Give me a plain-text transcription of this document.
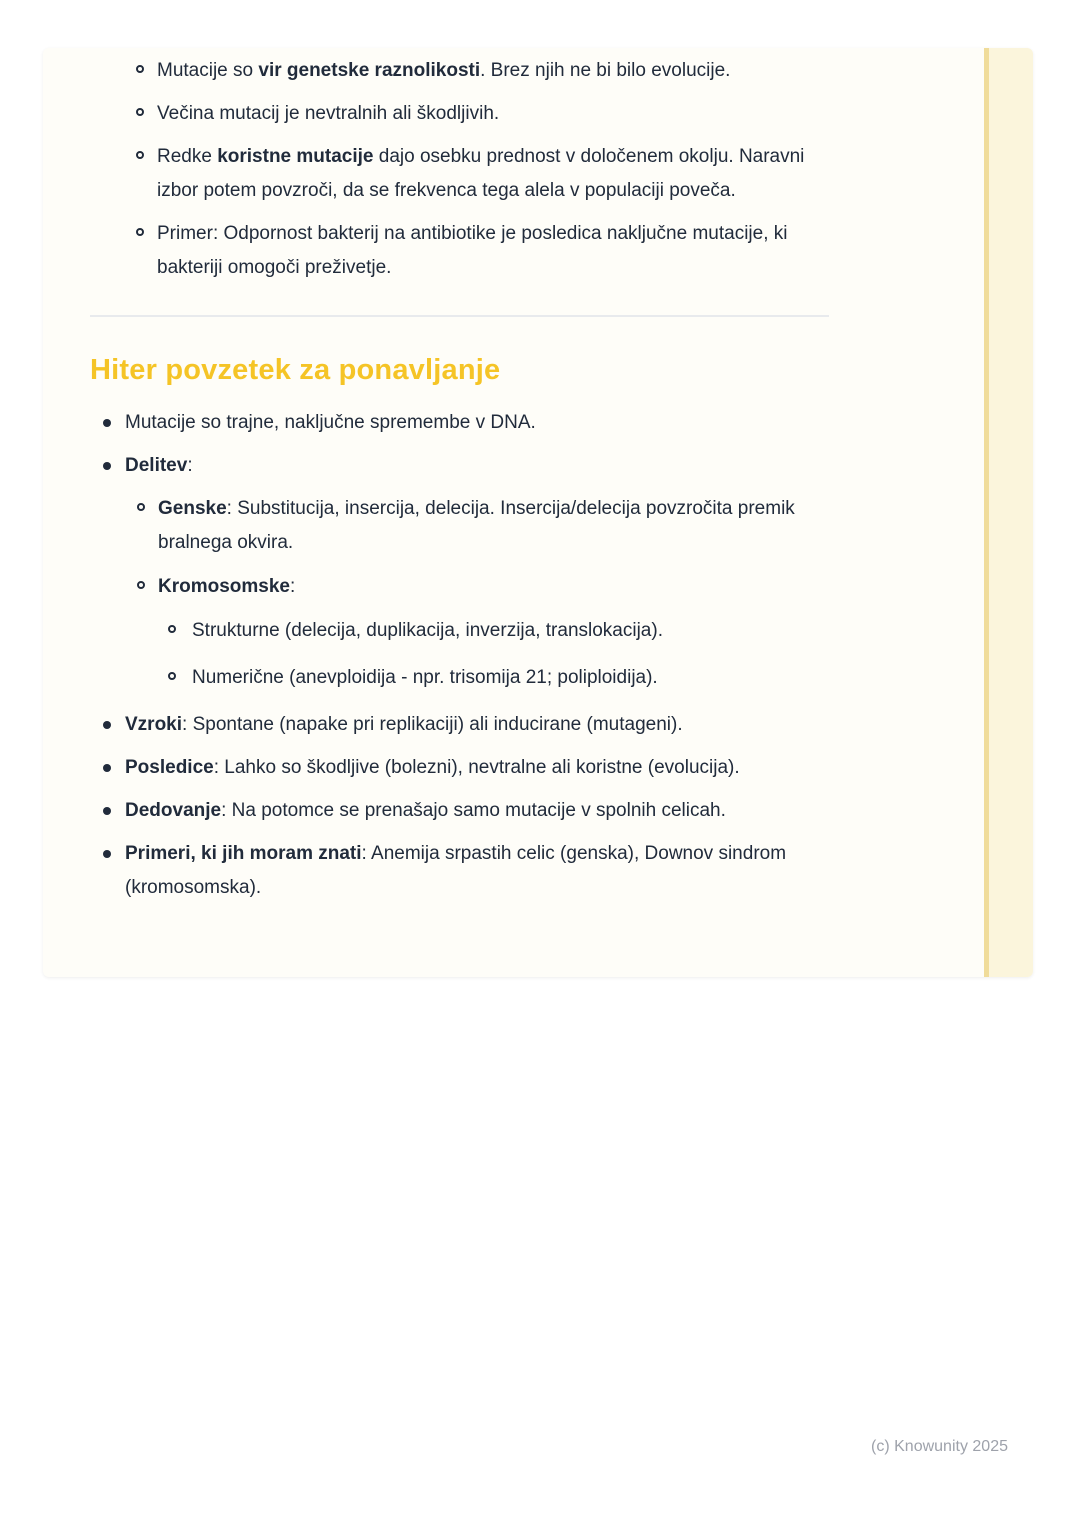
Mutacije so vir genetske raznolikosti. Brez njih ne bi bilo evolucije.
Večina mutacij je nevtralnih ali škodljivih.
Redke koristne mutacije dajo osebku prednost v določenem okolju. Naravni izbor potem povzroči, da se frekvenca tega alela v populaciji poveča.
Primer: Odpornost bakterij na antibiotike je posledica naključne mutacije, ki bakteriji omogoči preživetje.
Hiter povzetek za ponavljanje
Mutacije so trajne, naključne spremembe v DNA.
Delitev:
Genske: Substitucija, insercija, delecija. Insercija/delecija povzročita premik bralnega okvira.
Kromosomske:
Strukturne (delecija, duplikacija, inverzija, translokacija).
Numerične (anevploidija - npr. trisomija 21; poliploidija).
Vzroki: Spontane (napake pri replikaciji) ali inducirane (mutageni).
Posledice: Lahko so škodljive (bolezni), nevtralne ali koristne (evolucija).
Dedovanje: Na potomce se prenašajo samo mutacije v spolnih celicah.
Primeri, ki jih moram znati: Anemija srpastih celic (genska), Downov sindrom (kromosomska).
(c) Knowunity 2025
